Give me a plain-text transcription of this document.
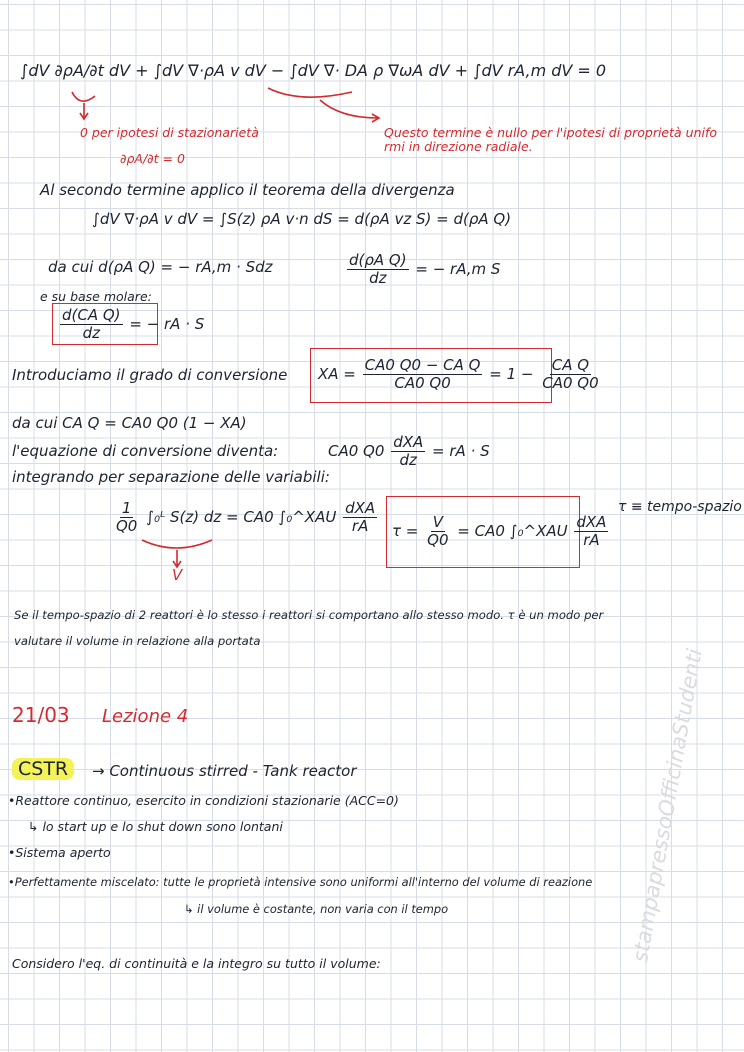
stampapressoOfficinaStudenti
∫dV ∂ρA/∂t dV + ∫dV ∇·ρA v dV − ∫dV ∇· DA ρ ∇ωA dV + ∫dV rA,m dV = 0
0 per ipotesi di stazionarietà
∂ρA/∂t = 0
Questo termine è nullo per l'ipotesi di proprietà unifo
rmi in direzione radiale.
Al secondo termine applico il teorema della divergenza
∫dV ∇·ρA v dV = ∫S(z) ρA v·n dS = d(ρA vz S) = d(ρA Q)
da cui d(ρA Q) = − rA,m · Sdz	$\frac{\text{d(ρA Q)}}{dz}$ = − rA,m S
e su base molare:
$\frac{\text{d(CA Q)}}{dz}$ = − rA · S
Introduciamo il grado di conversione XA = $\frac{\text{CA0 Q0 − CA Q}}{CA0 Q0} = 1 - \frac{\text{CA Q}}{CA0 Q0}$
da cui CA Q = CA0 Q0 (1 − XA)
l'equazione di conversione diventa:	CA0 $Q0 \frac{\text{dXA}}{dz}$ = rA · S
integrando per separazione delle variabili:
$\frac{1}{Q0}$ ∫₀ᴸ S(z) dz = CA0 ∫₀^XAU $\frac{\text{dXA}}{rA}$
V
$\tau = \frac{V}{Q0} = CA0$ ∫₀^XAU $\frac{\text{dXA}}{rA}$
τ ≡ tempo-spazio
Se il tempo-spazio di 2 reattori è lo stesso i reattori si comportano allo stesso modo. τ è un modo per
valutare il volume in relazione alla portata
21/03 Lezione 4
CSTR	→ Continuous stirred - Tank reactor
•Reattore continuo, esercito in condizioni stazionarie (ACC=0)
↳ lo start up e lo shut down sono lontani
•Sistema aperto
•Perfettamente miscelato: tutte le proprietà intensive sono uniformi all'interno del volume di reazione
↳ il volume è costante, non varia con il tempo
Considero l'eq. di continuità e la integro su tutto il volume:
